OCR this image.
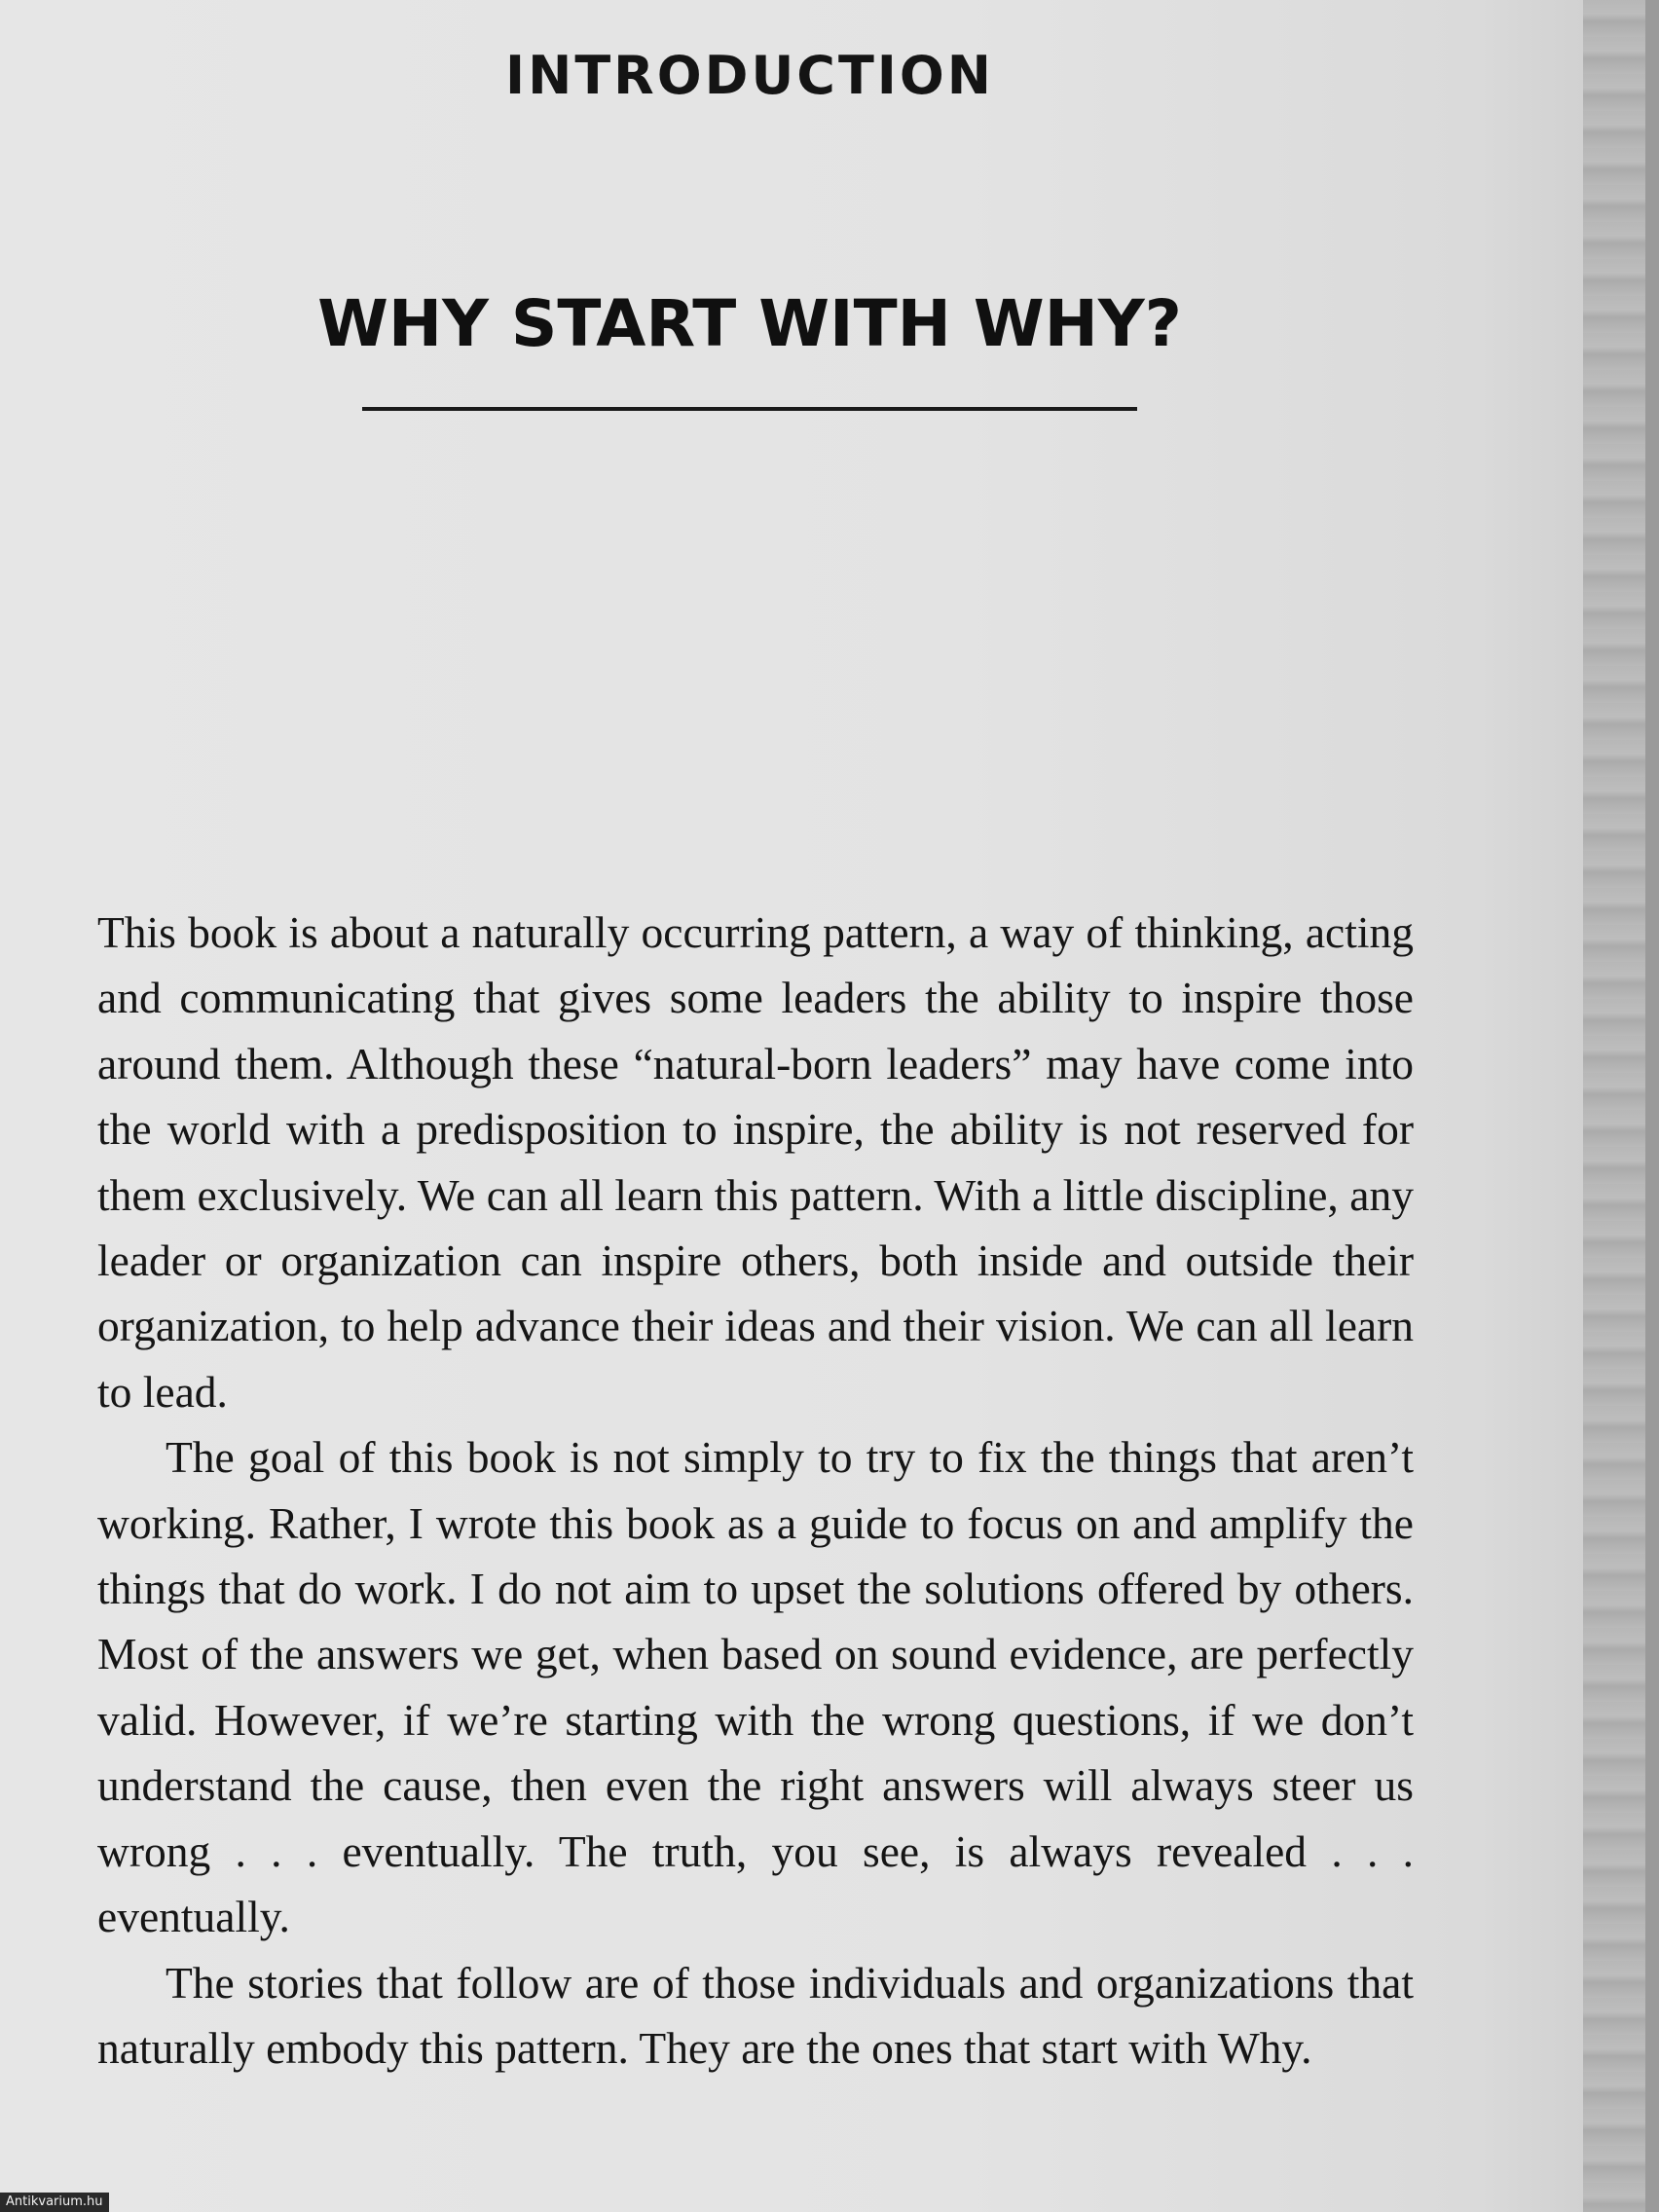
INTRODUCTION
WHY START WITH WHY?

This book is about a naturally occurring pattern, a way of thinking, acting and communicating that gives some leaders the ability to inspire those around them. Although these “natural-born leaders” may have come into the world with a predisposition to inspire, the ability is not reserved for them exclusively. We can all learn this pattern. With a little discipline, any leader or organization can inspire others, both inside and outside their organization, to help advance their ideas and their vision. We can all learn to lead.

The goal of this book is not simply to try to fix the things that aren’t working. Rather, I wrote this book as a guide to focus on and amplify the things that do work. I do not aim to upset the solutions offered by others. Most of the answers we get, when based on sound evidence, are perfectly valid. However, if we’re starting with the wrong questions, if we don’t understand the cause, then even the right answers will always steer us wrong . . . eventually. The truth, you see, is always revealed . . . eventually.

The stories that follow are of those individuals and organizations that naturally embody this pattern. They are the ones that start with Why.

Antikvarium.hu
